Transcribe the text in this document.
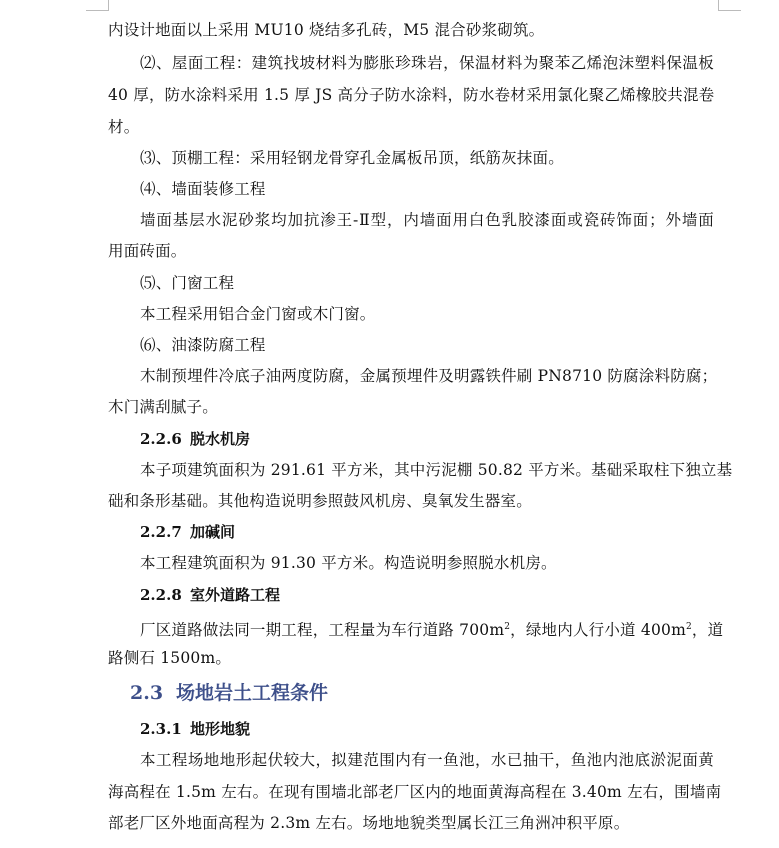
内设计地面以上采用 MU10 烧结多孔砖，M5 混合砂浆砌筑。
⑵、屋面工程：建筑找坡材料为膨胀珍珠岩，保温材料为聚苯乙烯泡沫塑料保温板
40 厚，防水涂料采用 1.5 厚 JS 高分子防水涂料，防水卷材采用氯化聚乙烯橡胶共混卷
材。
⑶、顶棚工程：采用轻钢龙骨穿孔金属板吊顶，纸筋灰抹面。
⑷、墙面装修工程
墙面基层水泥砂浆均加抗渗王-Ⅱ型，内墙面用白色乳胶漆面或瓷砖饰面；外墙面
用面砖面。
⑸、门窗工程
本工程采用铝合金门窗或木门窗。
⑹、油漆防腐工程
木制预埋件冷底子油两度防腐，金属预埋件及明露铁件刷 PN8710 防腐涂料防腐；
木门满刮腻子。
2.2.6 脱水机房
本子项建筑面积为 291.61 平方米，其中污泥棚 50.82 平方米。基础采取柱下独立基
础和条形基础。其他构造说明参照鼓风机房、臭氧发生器室。
2.2.7 加碱间
本工程建筑面积为 91.30 平方米。构造说明参照脱水机房。
2.2.8 室外道路工程
厂区道路做法同一期工程，工程量为车行道路 $700m^2$，绿地内人行小道 $400m^2$，道
路侧石 1500m。
2.3 场地岩土工程条件
2.3.1 地形地貌
本工程场地地形起伏较大，拟建范围内有一鱼池，水已抽干，鱼池内池底淤泥面黄
海高程在 1.5m 左右。在现有围墙北部老厂区内的地面黄海高程在 3.40m 左右，围墙南
部老厂区外地面高程为 2.3m 左右。场地地貌类型属长江三角洲冲积平原。
